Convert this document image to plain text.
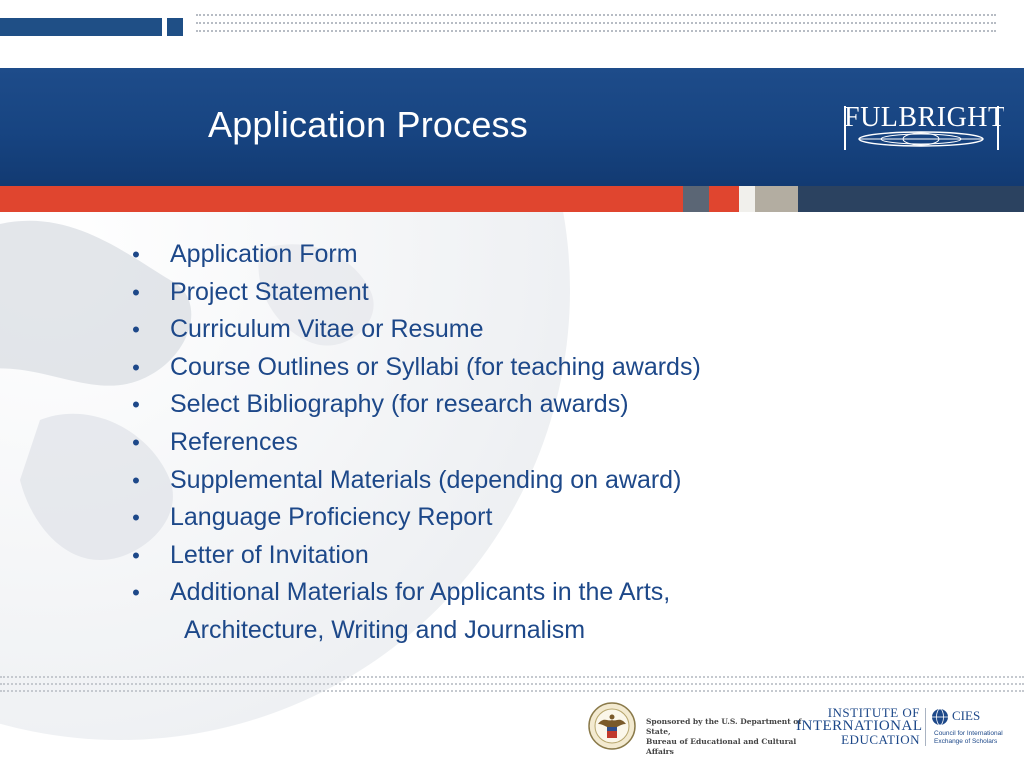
Application Process	FULBRIGHT
•	Application Form
•	Project Statement
•	Curriculum Vitae or Resume
•	Course Outlines or Syllabi (for teaching awards)
•	Select Bibliography (for research awards)
•	References
•	Supplemental Materials (depending on award)
•	Language Proficiency Report
•	Letter of Invitation
•	Additional Materials for Applicants in the Arts,
Architecture, Writing and Journalism
Sponsored by the U.S. Department of State,
Bureau of Educational and Cultural Affairs
INSTITUTE OF
INTERNATIONAL
EDUCATION
CIES
Council for International
Exchange of Scholars
